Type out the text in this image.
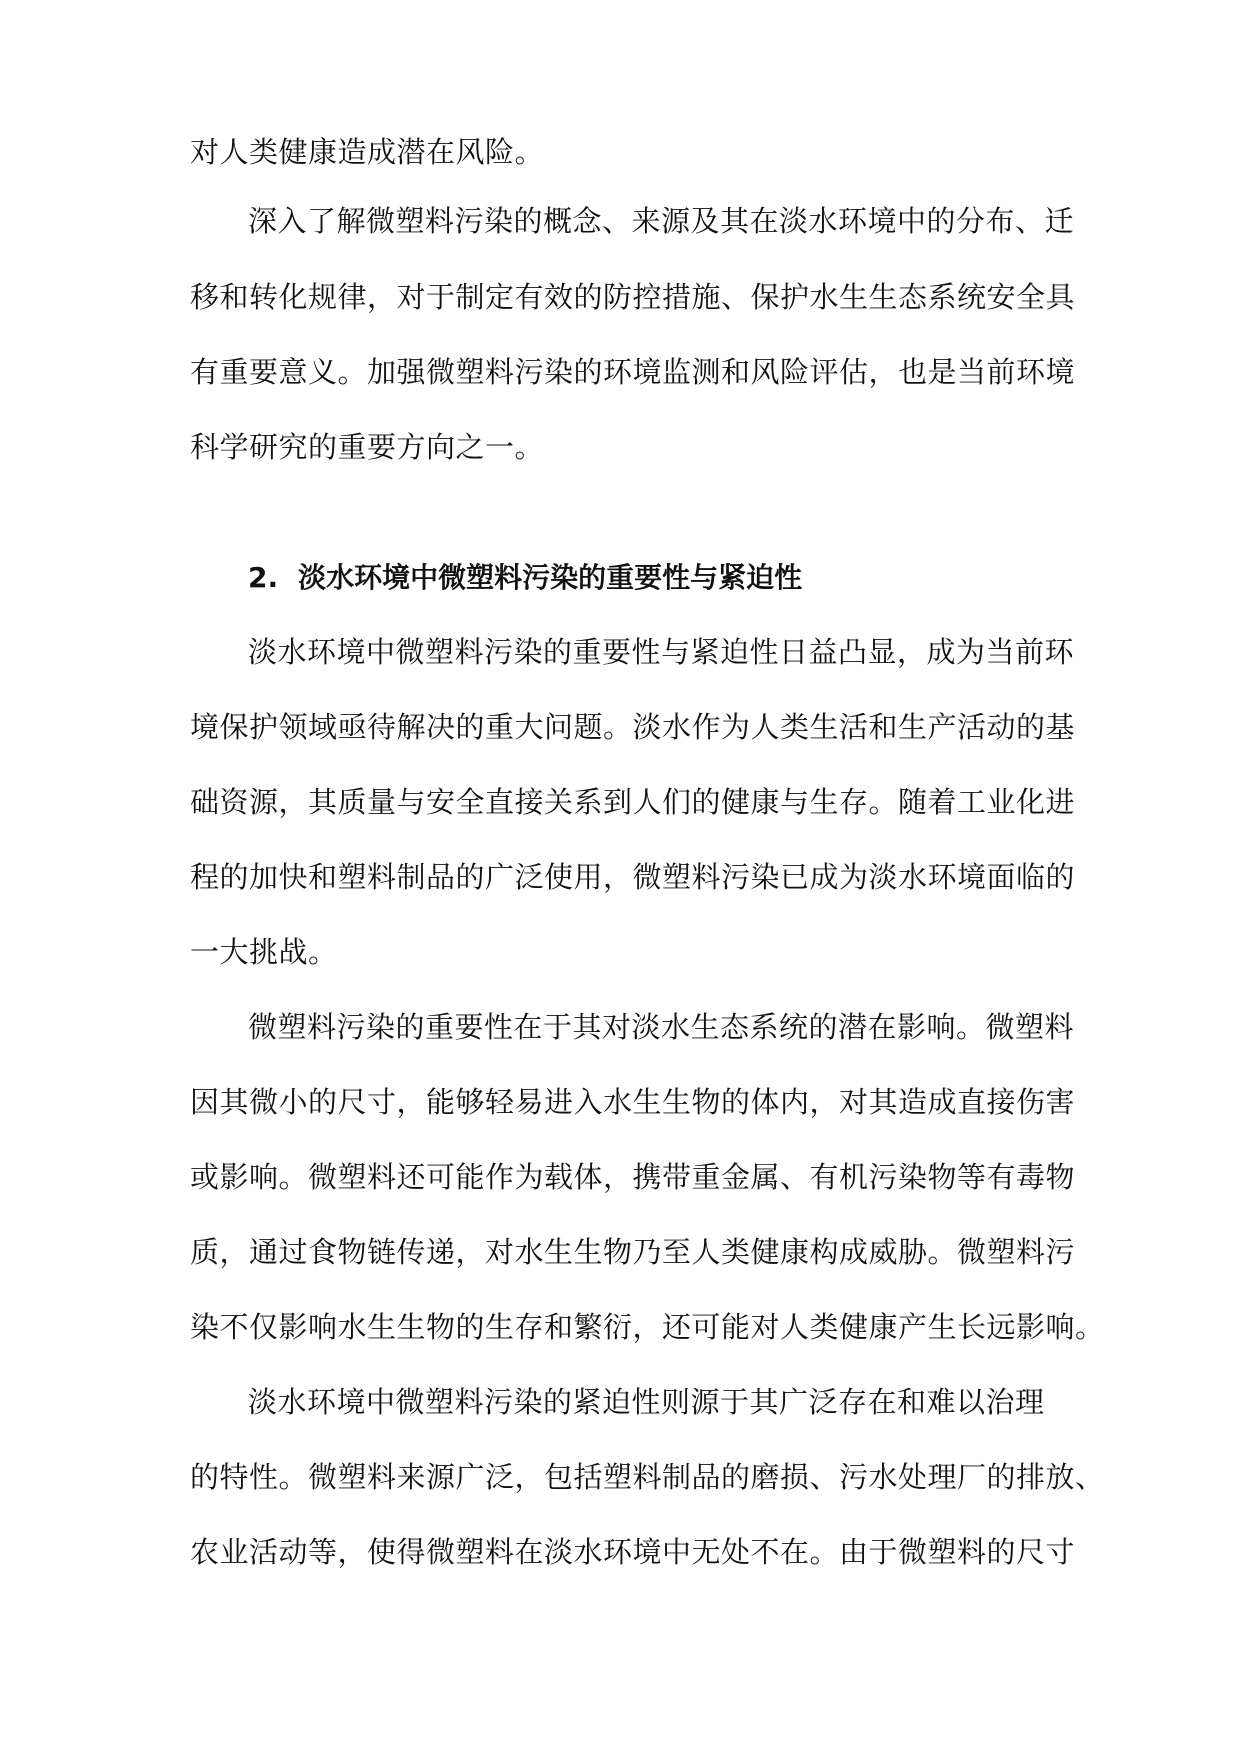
对人类健康造成潜在风险。
深入了解微塑料污染的概念、来源及其在淡水环境中的分布、迁
移和转化规律，对于制定有效的防控措施、保护水生生态系统安全具
有重要意义。加强微塑料污染的环境监测和风险评估，也是当前环境
科学研究的重要方向之一。
2. 淡水环境中微塑料污染的重要性与紧迫性
淡水环境中微塑料污染的重要性与紧迫性日益凸显，成为当前环
境保护领域亟待解决的重大问题。淡水作为人类生活和生产活动的基
础资源，其质量与安全直接关系到人们的健康与生存。随着工业化进
程的加快和塑料制品的广泛使用，微塑料污染已成为淡水环境面临的
一大挑战。
微塑料污染的重要性在于其对淡水生态系统的潜在影响。微塑料
因其微小的尺寸，能够轻易进入水生生物的体内，对其造成直接伤害
或影响。微塑料还可能作为载体，携带重金属、有机污染物等有毒物
质，通过食物链传递，对水生生物乃至人类健康构成威胁。微塑料污
染不仅影响水生生物的生存和繁衍，还可能对人类健康产生长远影响。
淡水环境中微塑料污染的紧迫性则源于其广泛存在和难以治理
的特性。微塑料来源广泛，包括塑料制品的磨损、污水处理厂的排放、
农业活动等，使得微塑料在淡水环境中无处不在。由于微塑料的尺寸
